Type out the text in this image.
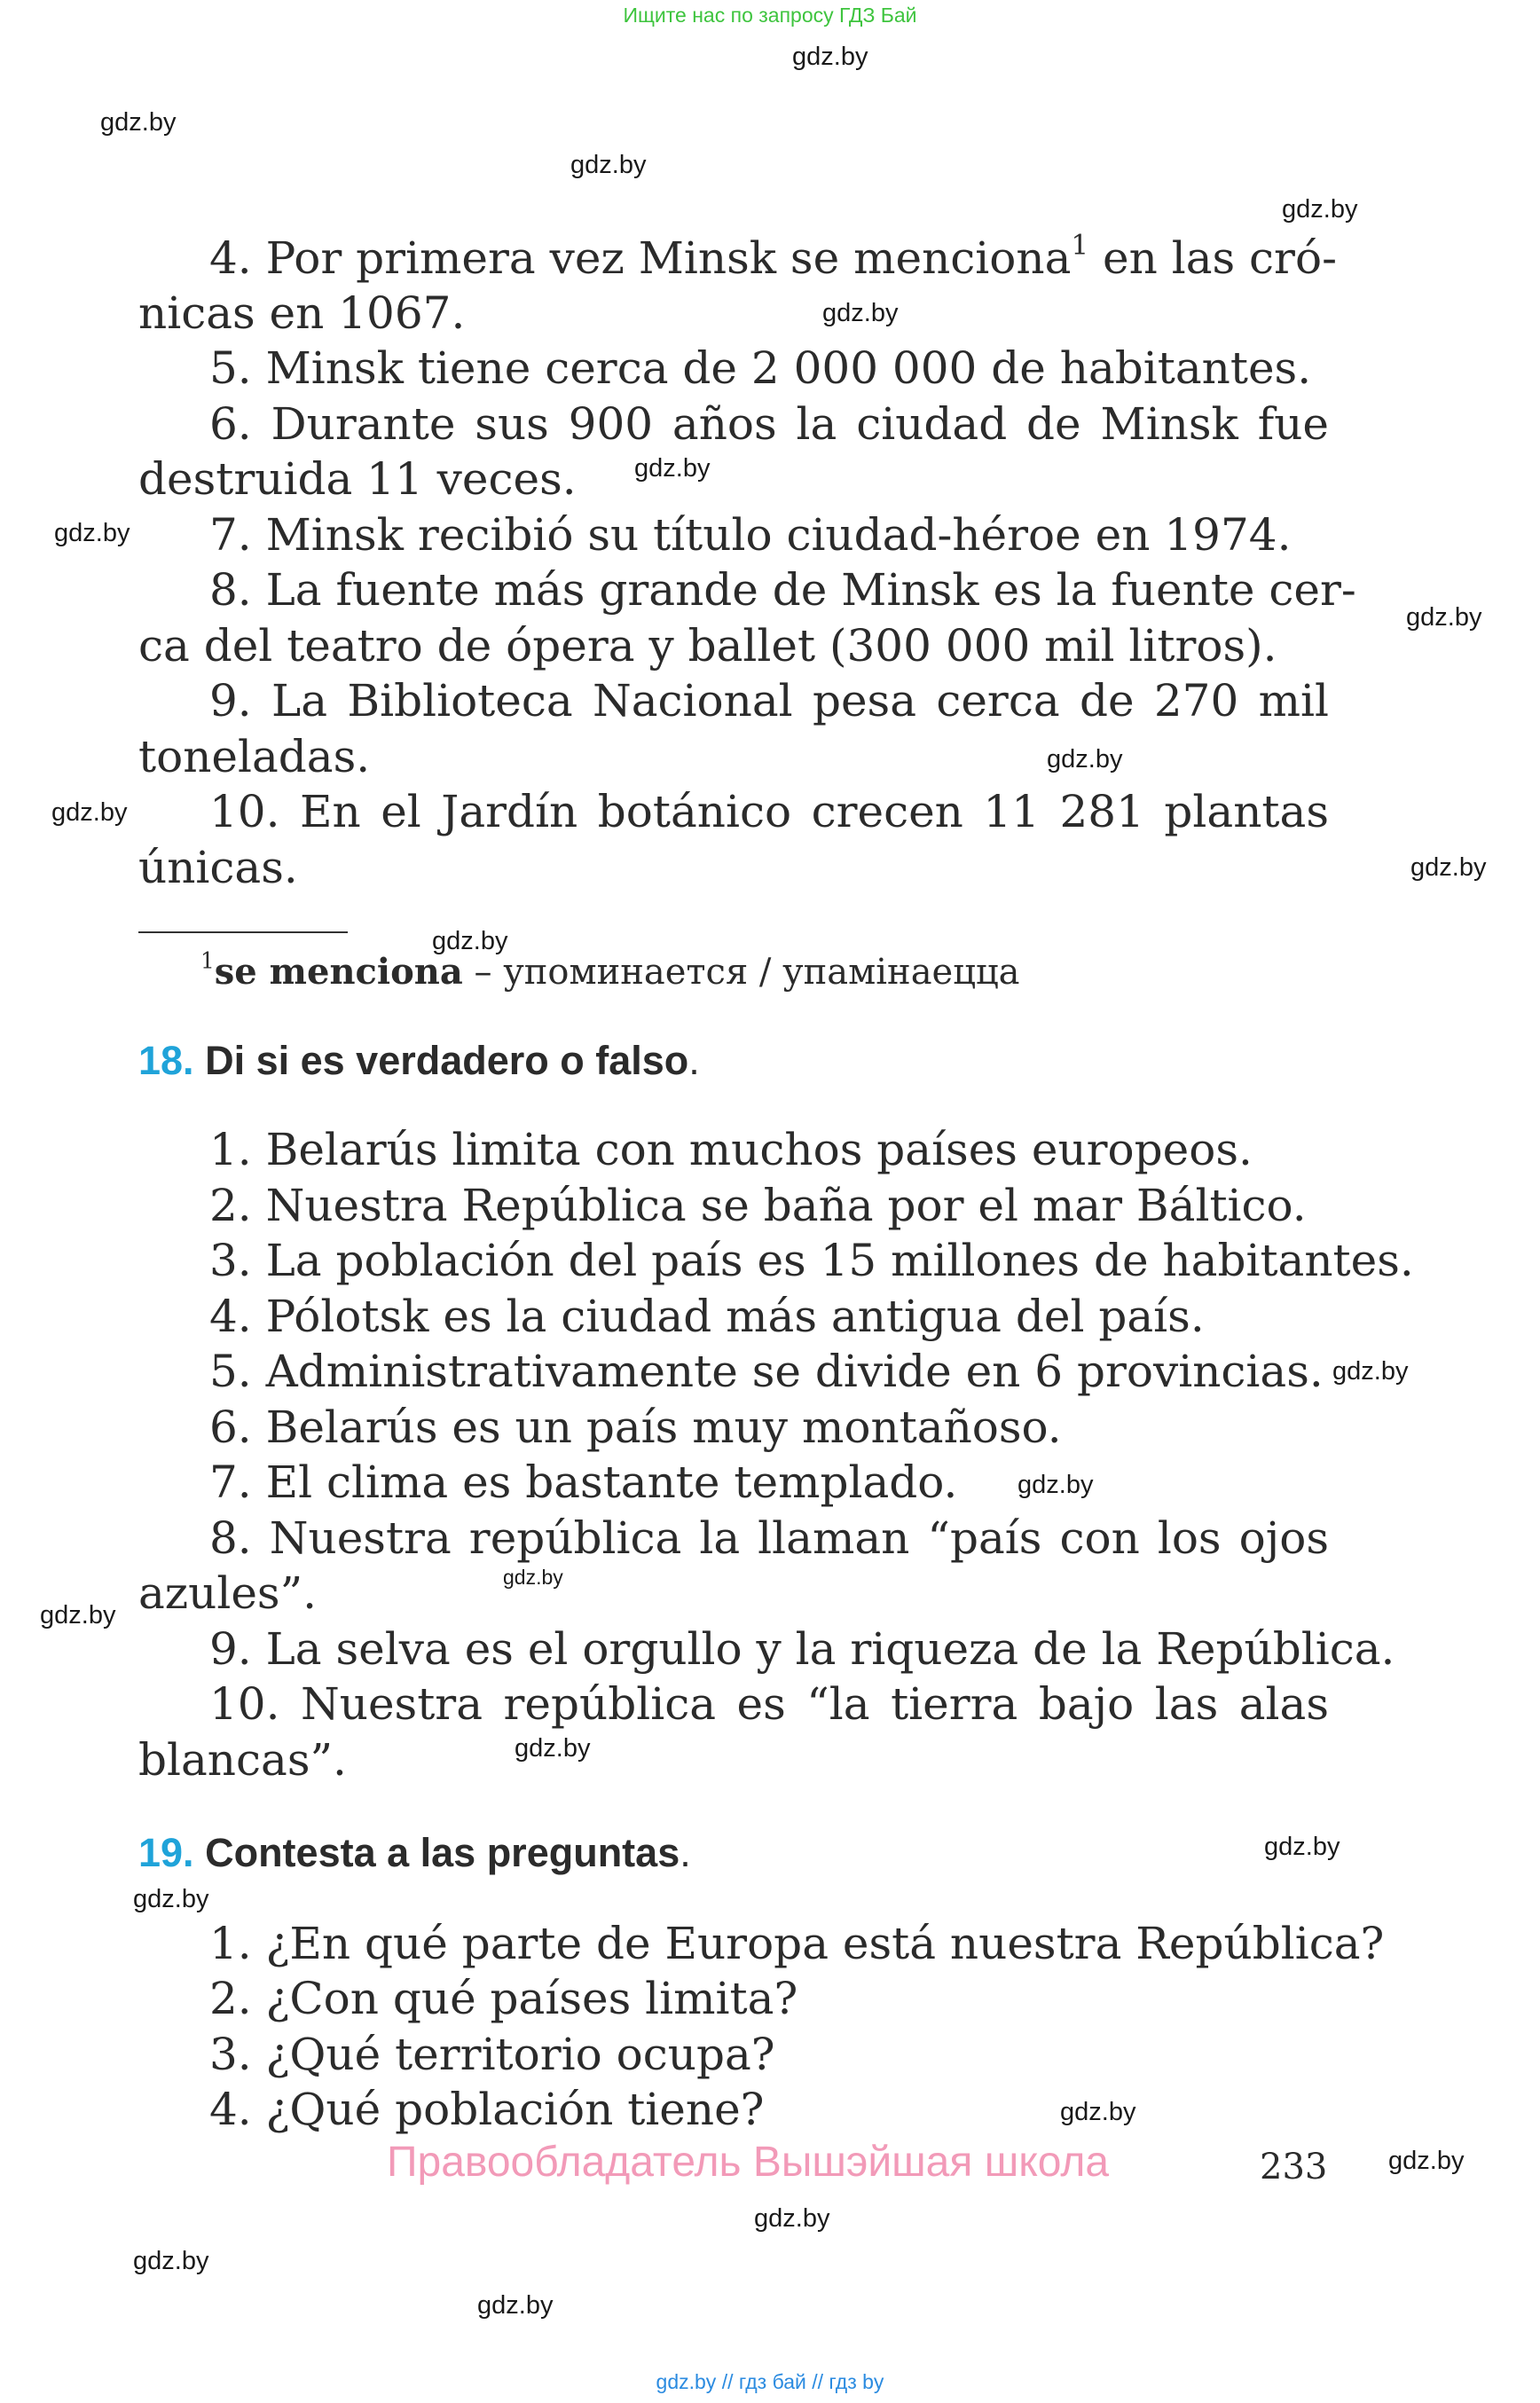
Ищите нас по запросу ГДЗ Бай
gdz.by
gdz.by
gdz.by
gdz.by
gdz.by
gdz.by
gdz.by
gdz.by
gdz.by
gdz.by
gdz.by
gdz.by
gdz.by
gdz.by
gdz.by
gdz.by
gdz.by
gdz.by
gdz.by
gdz.by
gdz.by
gdz.by
gdz.by
gdz.by
4. Por primera vez Minsk se menciona$^1$ en las cró-
nicas en 1067.
5. Minsk tiene cerca de 2 000 000 de habitantes.
6. Durante sus 900 años la ciudad de Minsk fue
destruida 11 veces.
7. Minsk recibió su título ciudad-héroe en 1974.
8. La fuente más grande de Minsk es la fuente cer-
ca del teatro de ópera y ballet (300 000 mil litros).
9. La Biblioteca Nacional pesa cerca de 270 mil
toneladas.
10. En el Jardín botánico crecen 11 281 plantas
únicas.
$^1$se menciona – упоминается / упамінаецца
18. Di si es verdadero o falso.
1. Belarús limita con muchos países europeos.
2. Nuestra República se baña por el mar Báltico.
3. La población del país es 15 millones de habitantes.
4. Pólotsk es la ciudad más antigua del país.
5. Administrativamente se divide en 6 provincias.
6. Belarús es un país muy montañoso.
7. El clima es bastante templado.
8. Nuestra república la llaman “país con los ojos
azules”.
9. La selva es el orgullo y la riqueza de la República.
10. Nuestra república es “la tierra bajo las alas
blancas”.
19. Contesta a las preguntas.
1. ¿En qué parte de Europa está nuestra República?
2. ¿Con qué países limita?
3. ¿Qué territorio ocupa?
4. ¿Qué población tiene?
Правообладатель Вышэйшая школа	233
gdz.by // гдз бай // гдз by
